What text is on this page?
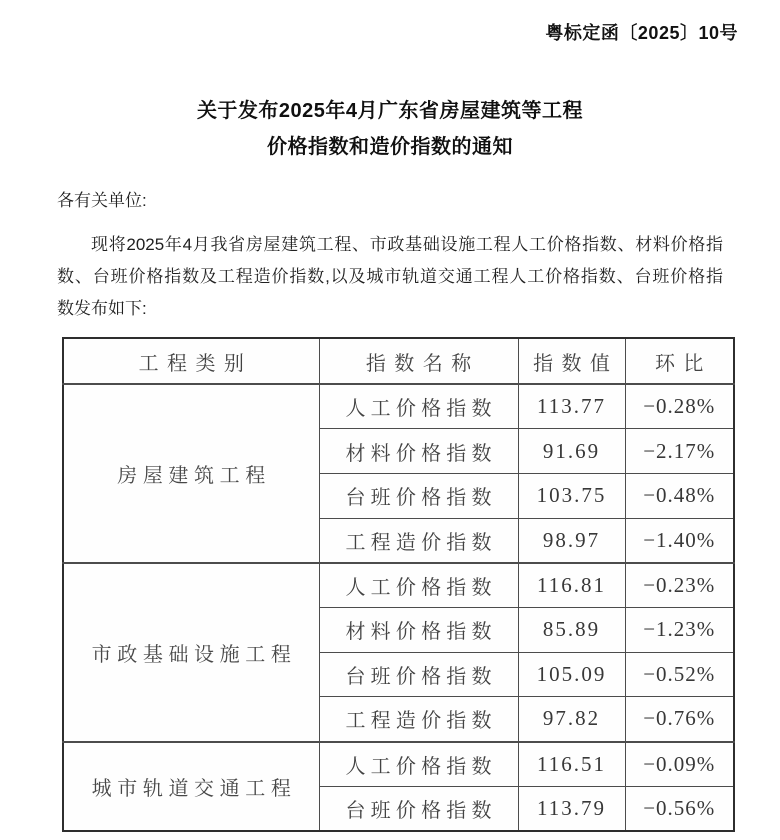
粤标定函〔2025〕10号
关于发布2025年4月广东省房屋建筑等工程
价格指数和造价指数的通知
各有关单位:
现将2025年4月我省房屋建筑工程、市政基础设施工程人工价格指数、材料价格指
数、台班价格指数及工程造价指数,以及城市轨道交通工程人工价格指数、台班价格指
数发布如下:
工程类别	指数名称	指数值	环比
房屋建筑工程	人工价格指数	113.77	−0.28%
	材料价格指数	91.69	−2.17%
	台班价格指数	103.75	−0.48%
	工程造价指数	98.97	−1.40%
市政基础设施工程	人工价格指数	116.81	−0.23%
	材料价格指数	85.89	−1.23%
	台班价格指数	105.09	−0.52%
	工程造价指数	97.82	−0.76%
城市轨道交通工程	人工价格指数	116.51	−0.09%
	台班价格指数	113.79	−0.56%
